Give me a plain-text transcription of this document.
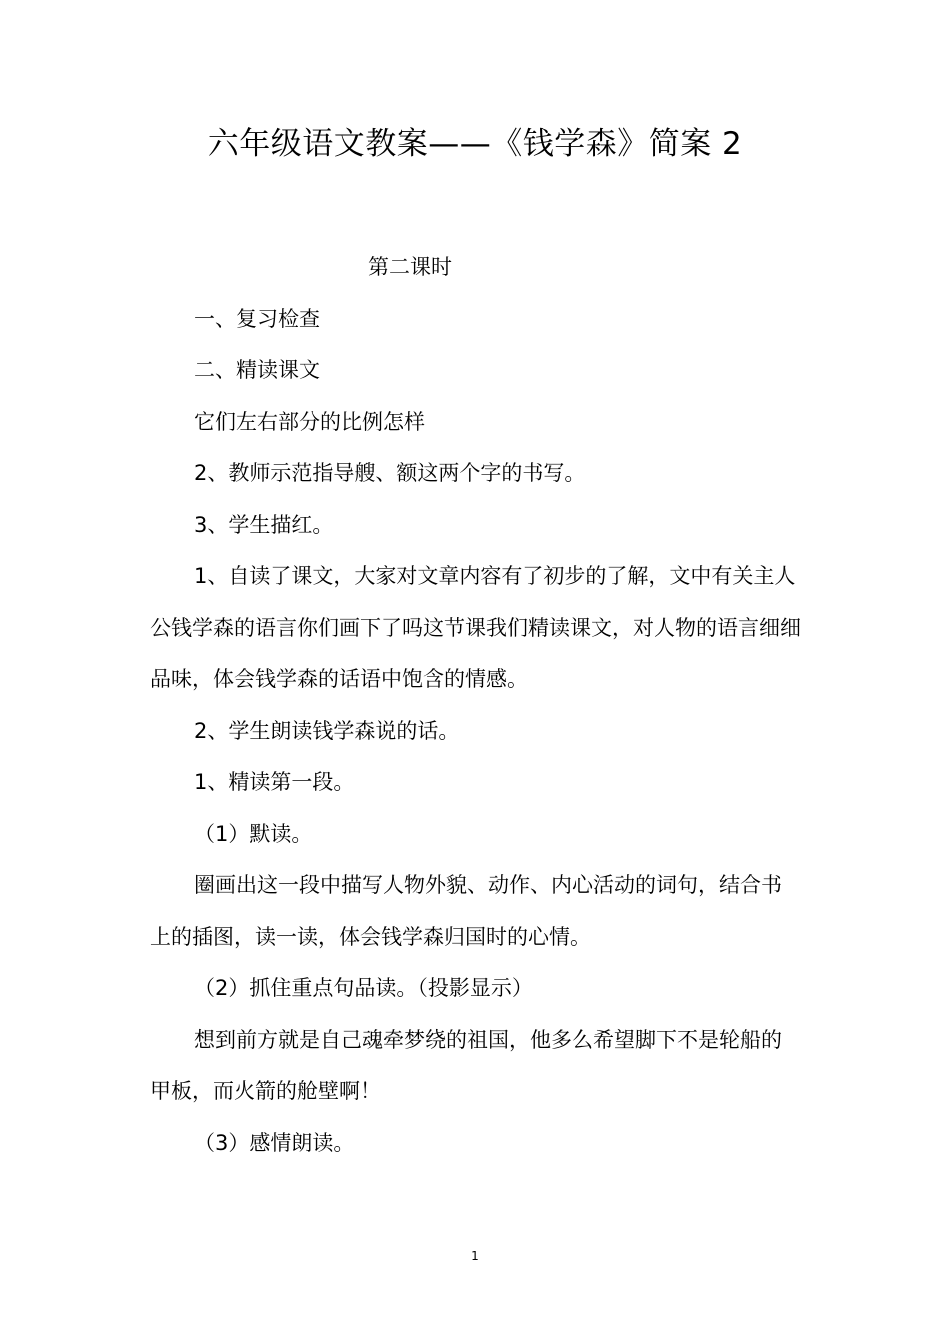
六年级语文教案——《钱学森》简案 2

第二课时

一、复习检查

二、精读课文

它们左右部分的比例怎样

2、教师示范指导艘、额这两个字的书写。

3、学生描红。

1、自读了课文，大家对文章内容有了初步的了解，文中有关主人公钱学森的语言你们画下了吗这节课我们精读课文，对人物的语言细细品味，体会钱学森的话语中饱含的情感。

2、学生朗读钱学森说的话。

1、精读第一段。

（1）默读。

圈画出这一段中描写人物外貌、动作、内心活动的词句，结合书上的插图，读一读，体会钱学森归国时的心情。

（2）抓住重点句品读。（投影显示）

想到前方就是自己魂牵梦绕的祖国，他多么希望脚下不是轮船的甲板，而火箭的舱壁啊！

（3）感情朗读。

1
